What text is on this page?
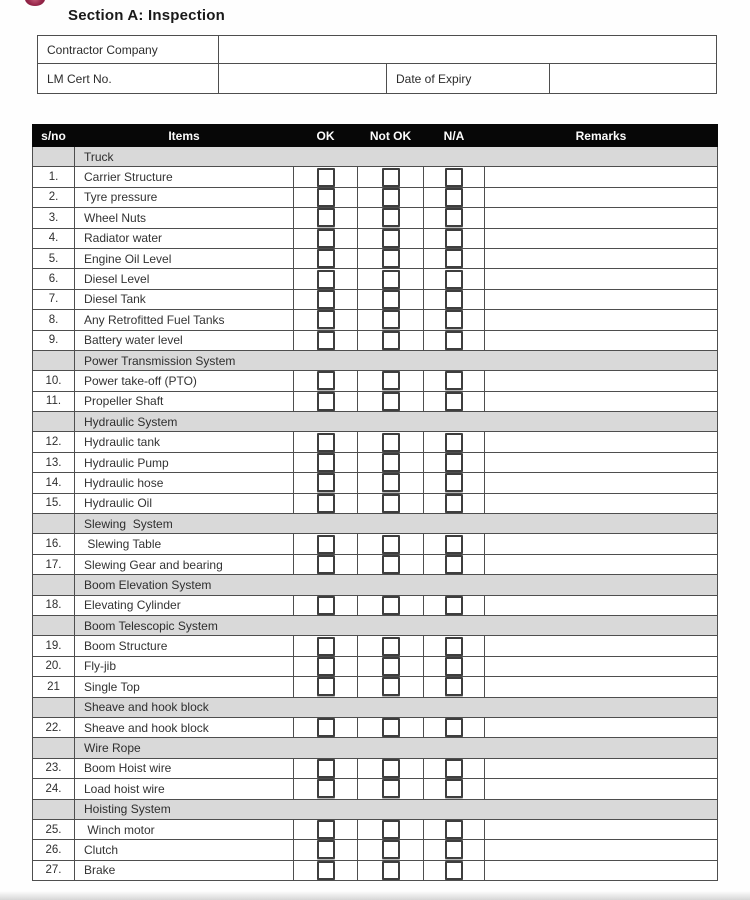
Section A: Inspection
Contractor Company			
LM Cert No.		Date of Expiry	
s/no	Items	OK	Not OK	N/A	Remarks
	Truck				
1.	Carrier Structure	

2.	Tyre pressure	

3.	Wheel Nuts	

4.	Radiator water	

5.	Engine Oil Level	

6.	Diesel Level	

7.	Diesel Tank	

8.	Any Retrofitted Fuel Tanks	

9.	Battery water level	

	Power Transmission System				
10.	Power take-off (PTO)	

11.	Propeller Shaft	

	Hydraulic System				
12.	Hydraulic tank	

13.	Hydraulic Pump	

14.	Hydraulic hose	

15.	Hydraulic Oil	

	Slewing  System				
16.	Slewing Table	

17.	Slewing Gear and bearing	

	Boom Elevation System				
18.	Elevating Cylinder	

	Boom Telescopic System				
19.	Boom Structure	

20.	Fly-jib	

21	Single Top	

	Sheave and hook block				
22.	Sheave and hook block	

	Wire Rope				
23.	Boom Hoist wire	

24.	Load hoist wire	

	Hoisting System				
25.	Winch motor	

26.	Clutch	

27.	Brake	
